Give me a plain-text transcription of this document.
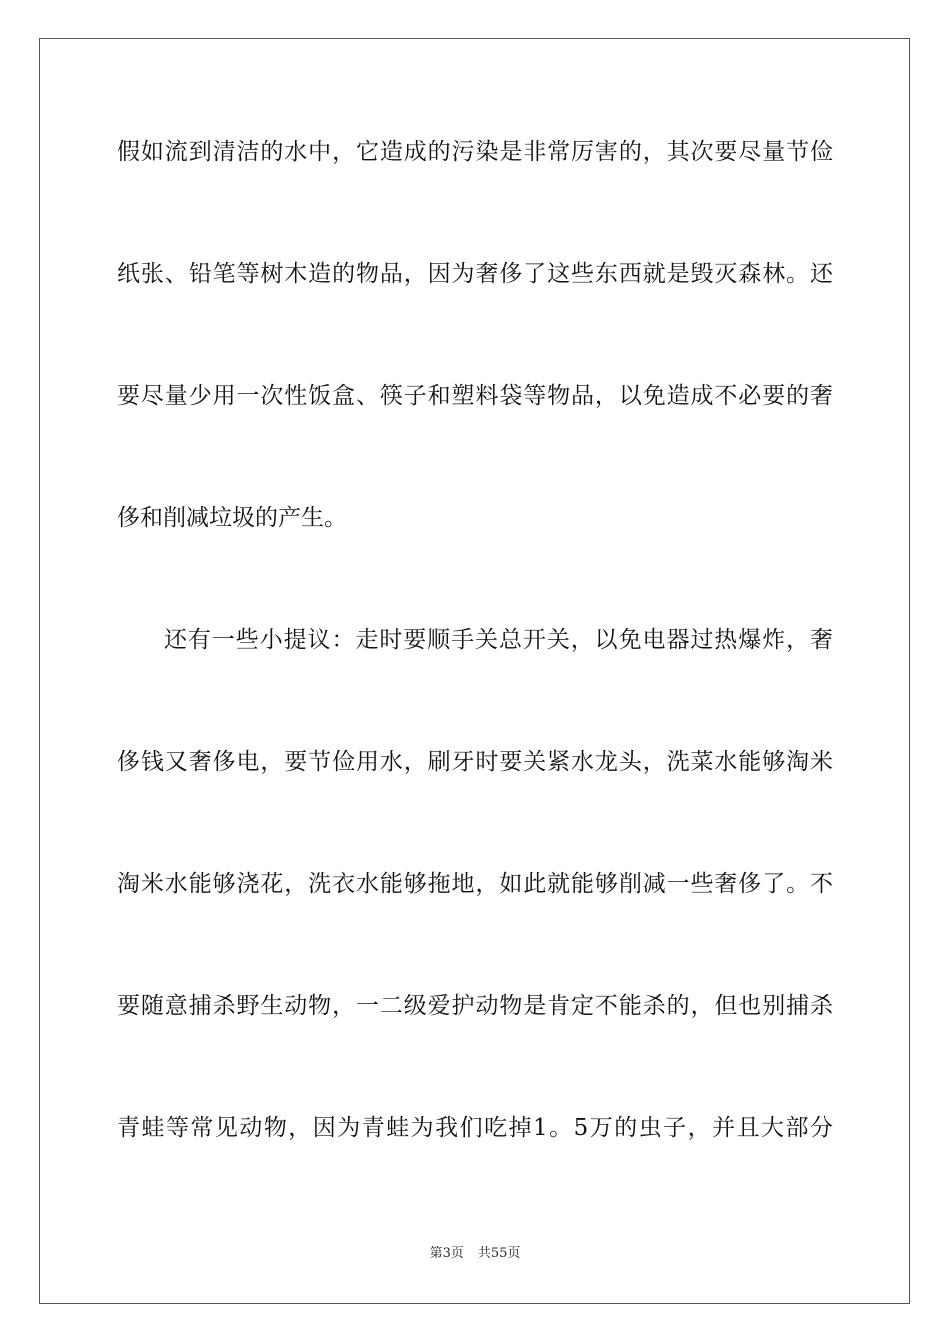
假如流到清洁的水中，它造成的污染是非常厉害的，其次要尽量节俭
纸张、铅笔等树木造的物品，因为奢侈了这些东西就是毁灭森林。还
要尽量少用一次性饭盒、筷子和塑料袋等物品，以免造成不必要的奢
侈和削减垃圾的产生。
还有一些小提议：走时要顺手关总开关，以免电器过热爆炸，奢
侈钱又奢侈电，要节俭用水，刷牙时要关紧水龙头，洗菜水能够淘米
淘米水能够浇花，洗衣水能够拖地，如此就能够削减一些奢侈了。不
要随意捕杀野生动物，一二级爱护动物是肯定不能杀的，但也别捕杀
青蛙等常见动物，因为青蛙为我们吃掉1。5万的虫子，并且大部分
第3页 共55页
